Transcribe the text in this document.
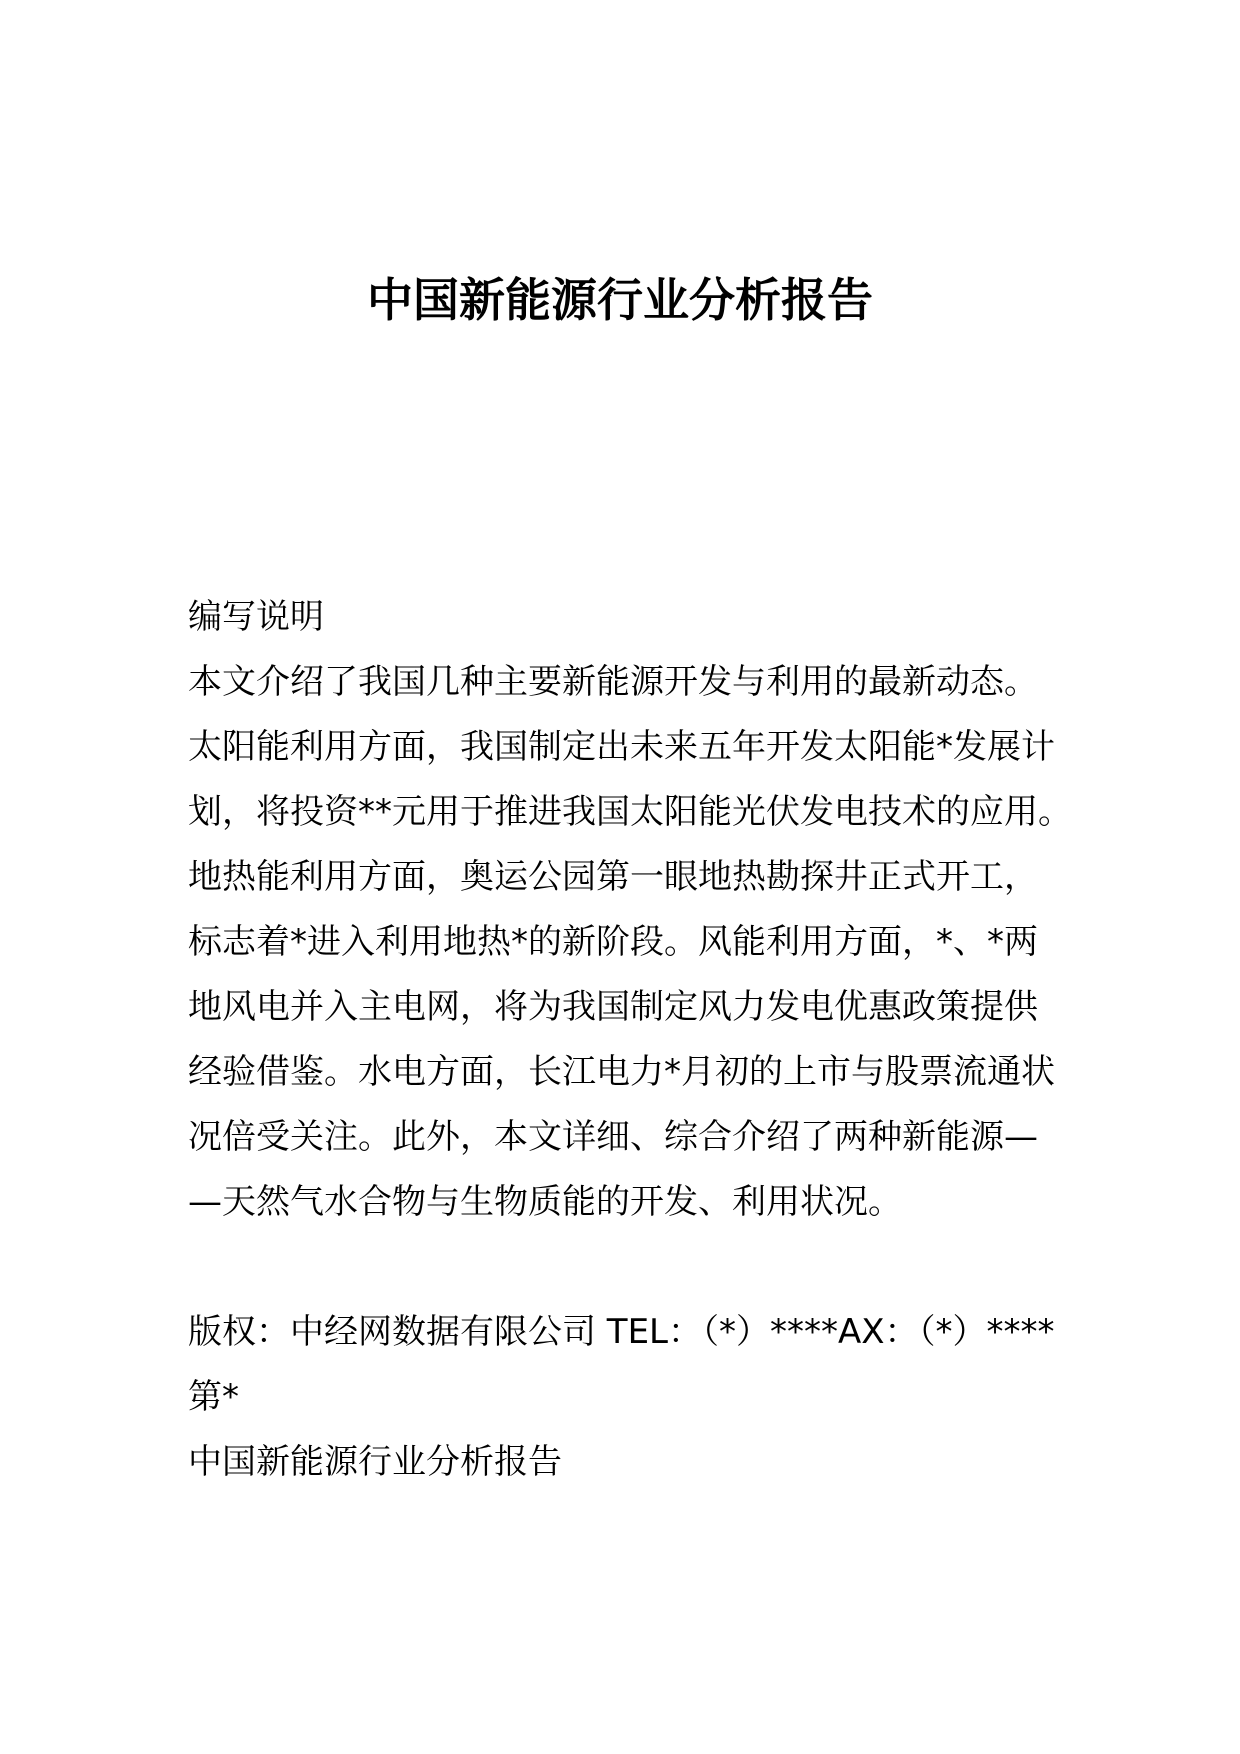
中国新能源行业分析报告
编写说明
本文介绍了我国几种主要新能源开发与利用的最新动态。
太阳能利用方面，我国制定出未来五年开发太阳能*发展计
划，将投资**元用于推进我国太阳能光伏发电技术的应用。
地热能利用方面，奥运公园第一眼地热勘探井正式开工，
标志着*进入利用地热*的新阶段。风能利用方面，*、*两
地风电并入主电网，将为我国制定风力发电优惠政策提供
经验借鉴。水电方面，长江电力*月初的上市与股票流通状
况倍受关注。此外，本文详细、综合介绍了两种新能源—
—天然气水合物与生物质能的开发、利用状况。
版权：中经网数据有限公司 TEL：（*）****AX：（*）****
第*
中国新能源行业分析报告
